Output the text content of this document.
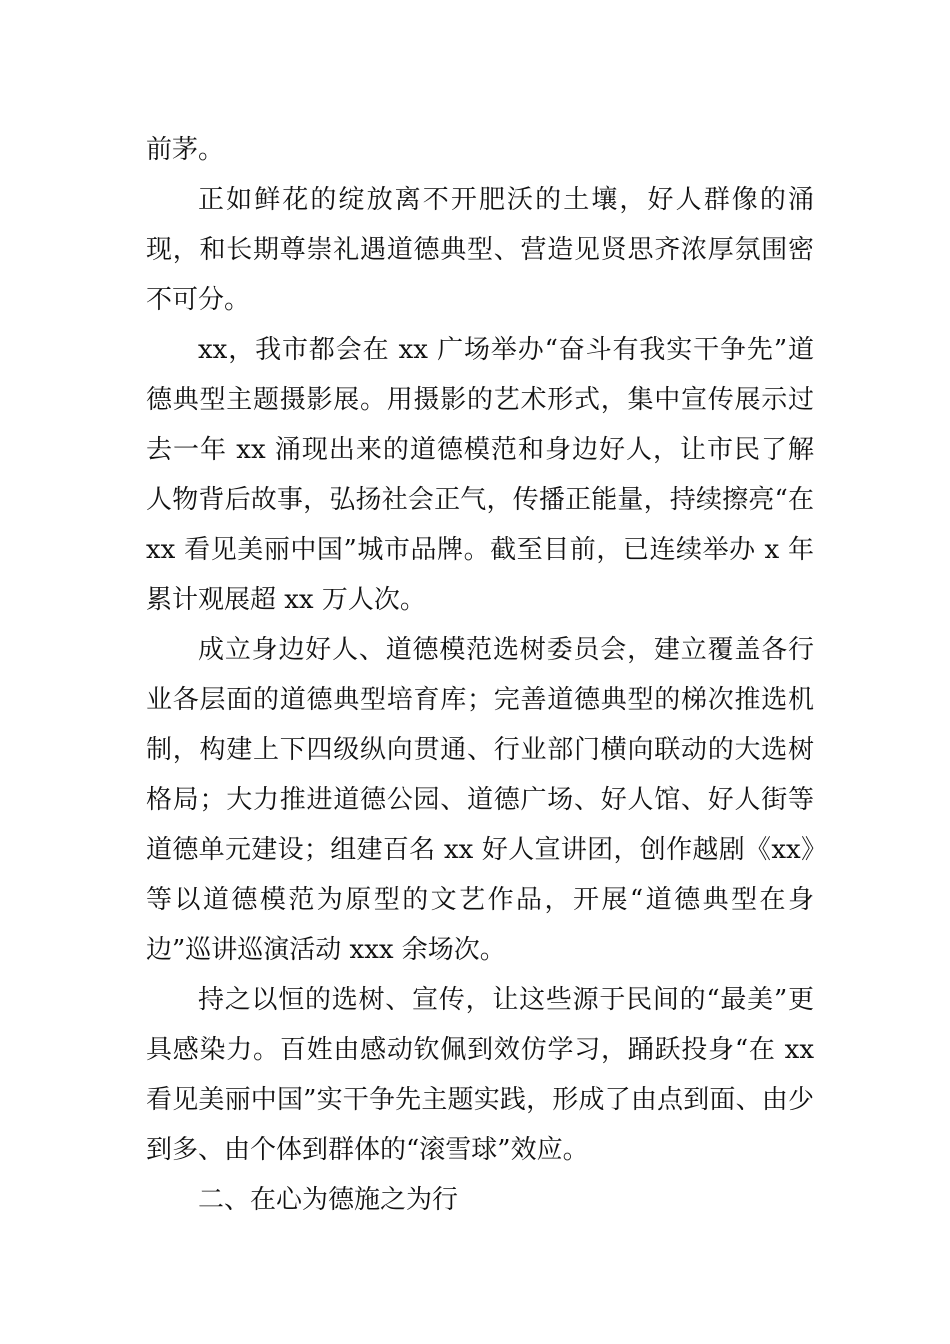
前茅。

正如鲜花的绽放离不开肥沃的土壤，好人群像的涌现，和长期尊崇礼遇道德典型、营造见贤思齐浓厚氛围密不可分。

xx，我市都会在 xx 广场举办“奋斗有我实干争先”道德典型主题摄影展。用摄影的艺术形式，集中宣传展示过去一年 xx 涌现出来的道德模范和身边好人，让市民了解人物背后故事，弘扬社会正气，传播正能量，持续擦亮“在 xx 看见美丽中国”城市品牌。截至目前，已连续举办 x 年累计观展超 xx 万人次。

成立身边好人、道德模范选树委员会，建立覆盖各行业各层面的道德典型培育库；完善道德典型的梯次推选机制，构建上下四级纵向贯通、行业部门横向联动的大选树格局；大力推进道德公园、道德广场、好人馆、好人街等道德单元建设；组建百名 xx 好人宣讲团，创作越剧《xx》等以道德模范为原型的文艺作品，开展“道德典型在身边”巡讲巡演活动 xxx 余场次。

持之以恒的选树、宣传，让这些源于民间的“最美”更具感染力。百姓由感动钦佩到效仿学习，踊跃投身“在 xx 看见美丽中国”实干争先主题实践，形成了由点到面、由少到多、由个体到群体的“滚雪球”效应。

二、在心为德施之为行
